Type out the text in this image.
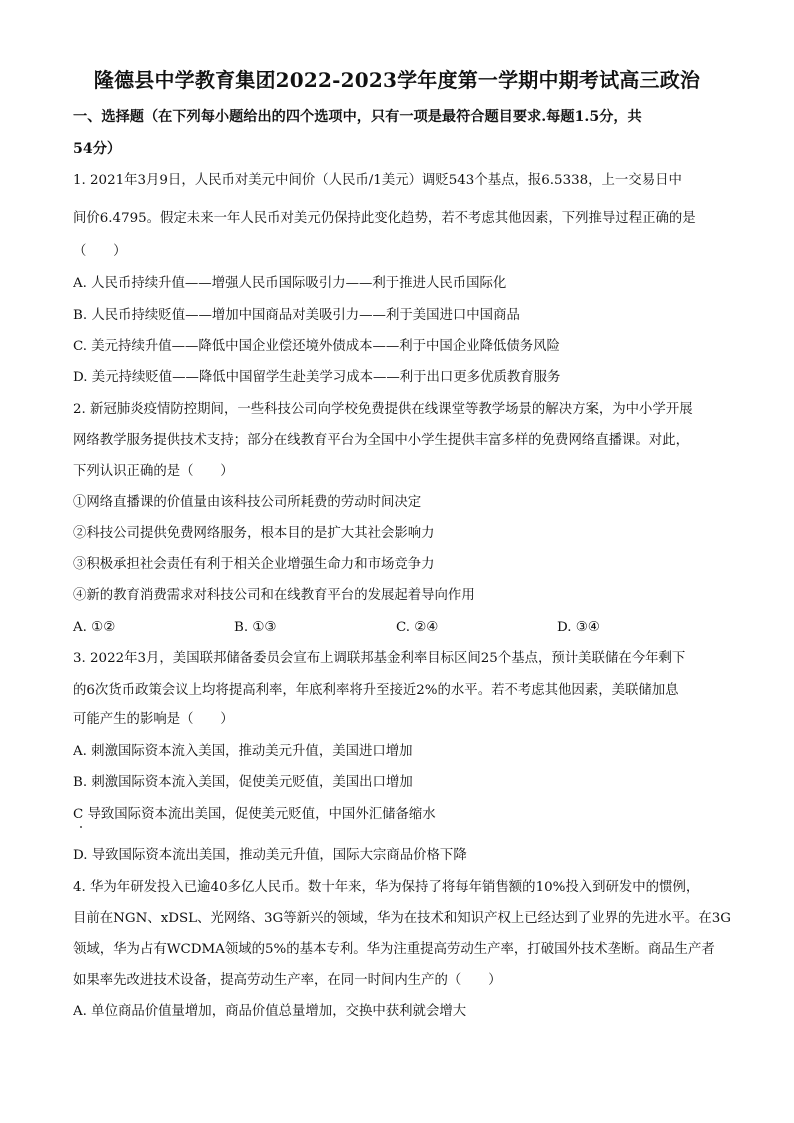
隆德县中学教育集团2022-2023学年度第一学期中期考试高三政治
一、选择题（在下列每小题给出的四个选项中，只有一项是最符合题目要求.每题1.5分，共
54分）
1. 2021年3月9日，人民币对美元中间价（人民币/1美元）调贬543个基点，报6.5338，上一交易日中
间价6.4795。假定未来一年人民币对美元仍保持此变化趋势，若不考虑其他因素，下列推导过程正确的是
（　　）
A. 人民币持续升值——增强人民币国际吸引力——利于推进人民币国际化
B. 人民币持续贬值——增加中国商品对美吸引力——利于美国进口中国商品
C. 美元持续升值——降低中国企业偿还境外债成本——利于中国企业降低债务风险
D. 美元持续贬值——降低中国留学生赴美学习成本——利于出口更多优质教育服务
2. 新冠肺炎疫情防控期间，一些科技公司向学校免费提供在线课堂等教学场景的解决方案，为中小学开展
网络教学服务提供技术支持；部分在线教育平台为全国中小学生提供丰富多样的免费网络直播课。对此，
下列认识正确的是（　　）
①网络直播课的价值量由该科技公司所耗费的劳动时间决定
②科技公司提供免费网络服务，根本目的是扩大其社会影响力
③积极承担社会责任有利于相关企业增强生命力和市场竞争力
④新的教育消费需求对科技公司和在线教育平台的发展起着导向作用
A. ①②	B. ①③	C. ②④	D. ③④
3. 2022年3月，美国联邦储备委员会宣布上调联邦基金利率目标区间25个基点，预计美联储在今年剩下
的6次货币政策会议上均将提高利率，年底利率将升至接近2%的水平。若不考虑其他因素，美联储加息
可能产生的影响是（　　）
A. 刺激国际资本流入美国，推动美元升值，美国进口增加
B. 刺激国际资本流入美国，促使美元贬值，美国出口增加
C 导致国际资本流出美国，促使美元贬值，中国外汇储备缩水
D. 导致国际资本流出美国，推动美元升值，国际大宗商品价格下降
4. 华为年研发投入已逾40多亿人民币。数十年来，华为保持了将每年销售额的10%投入到研发中的惯例，
目前在NGN、xDSL、光网络、3G等新兴的领域，华为在技术和知识产权上已经达到了业界的先进水平。在3G
领域，华为占有WCDMA领域的5%的基本专利。华为注重提高劳动生产率，打破国外技术垄断。商品生产者
如果率先改进技术设备，提高劳动生产率，在同一时间内生产的（　　）
A. 单位商品价值量增加，商品价值总量增加，交换中获利就会增大
